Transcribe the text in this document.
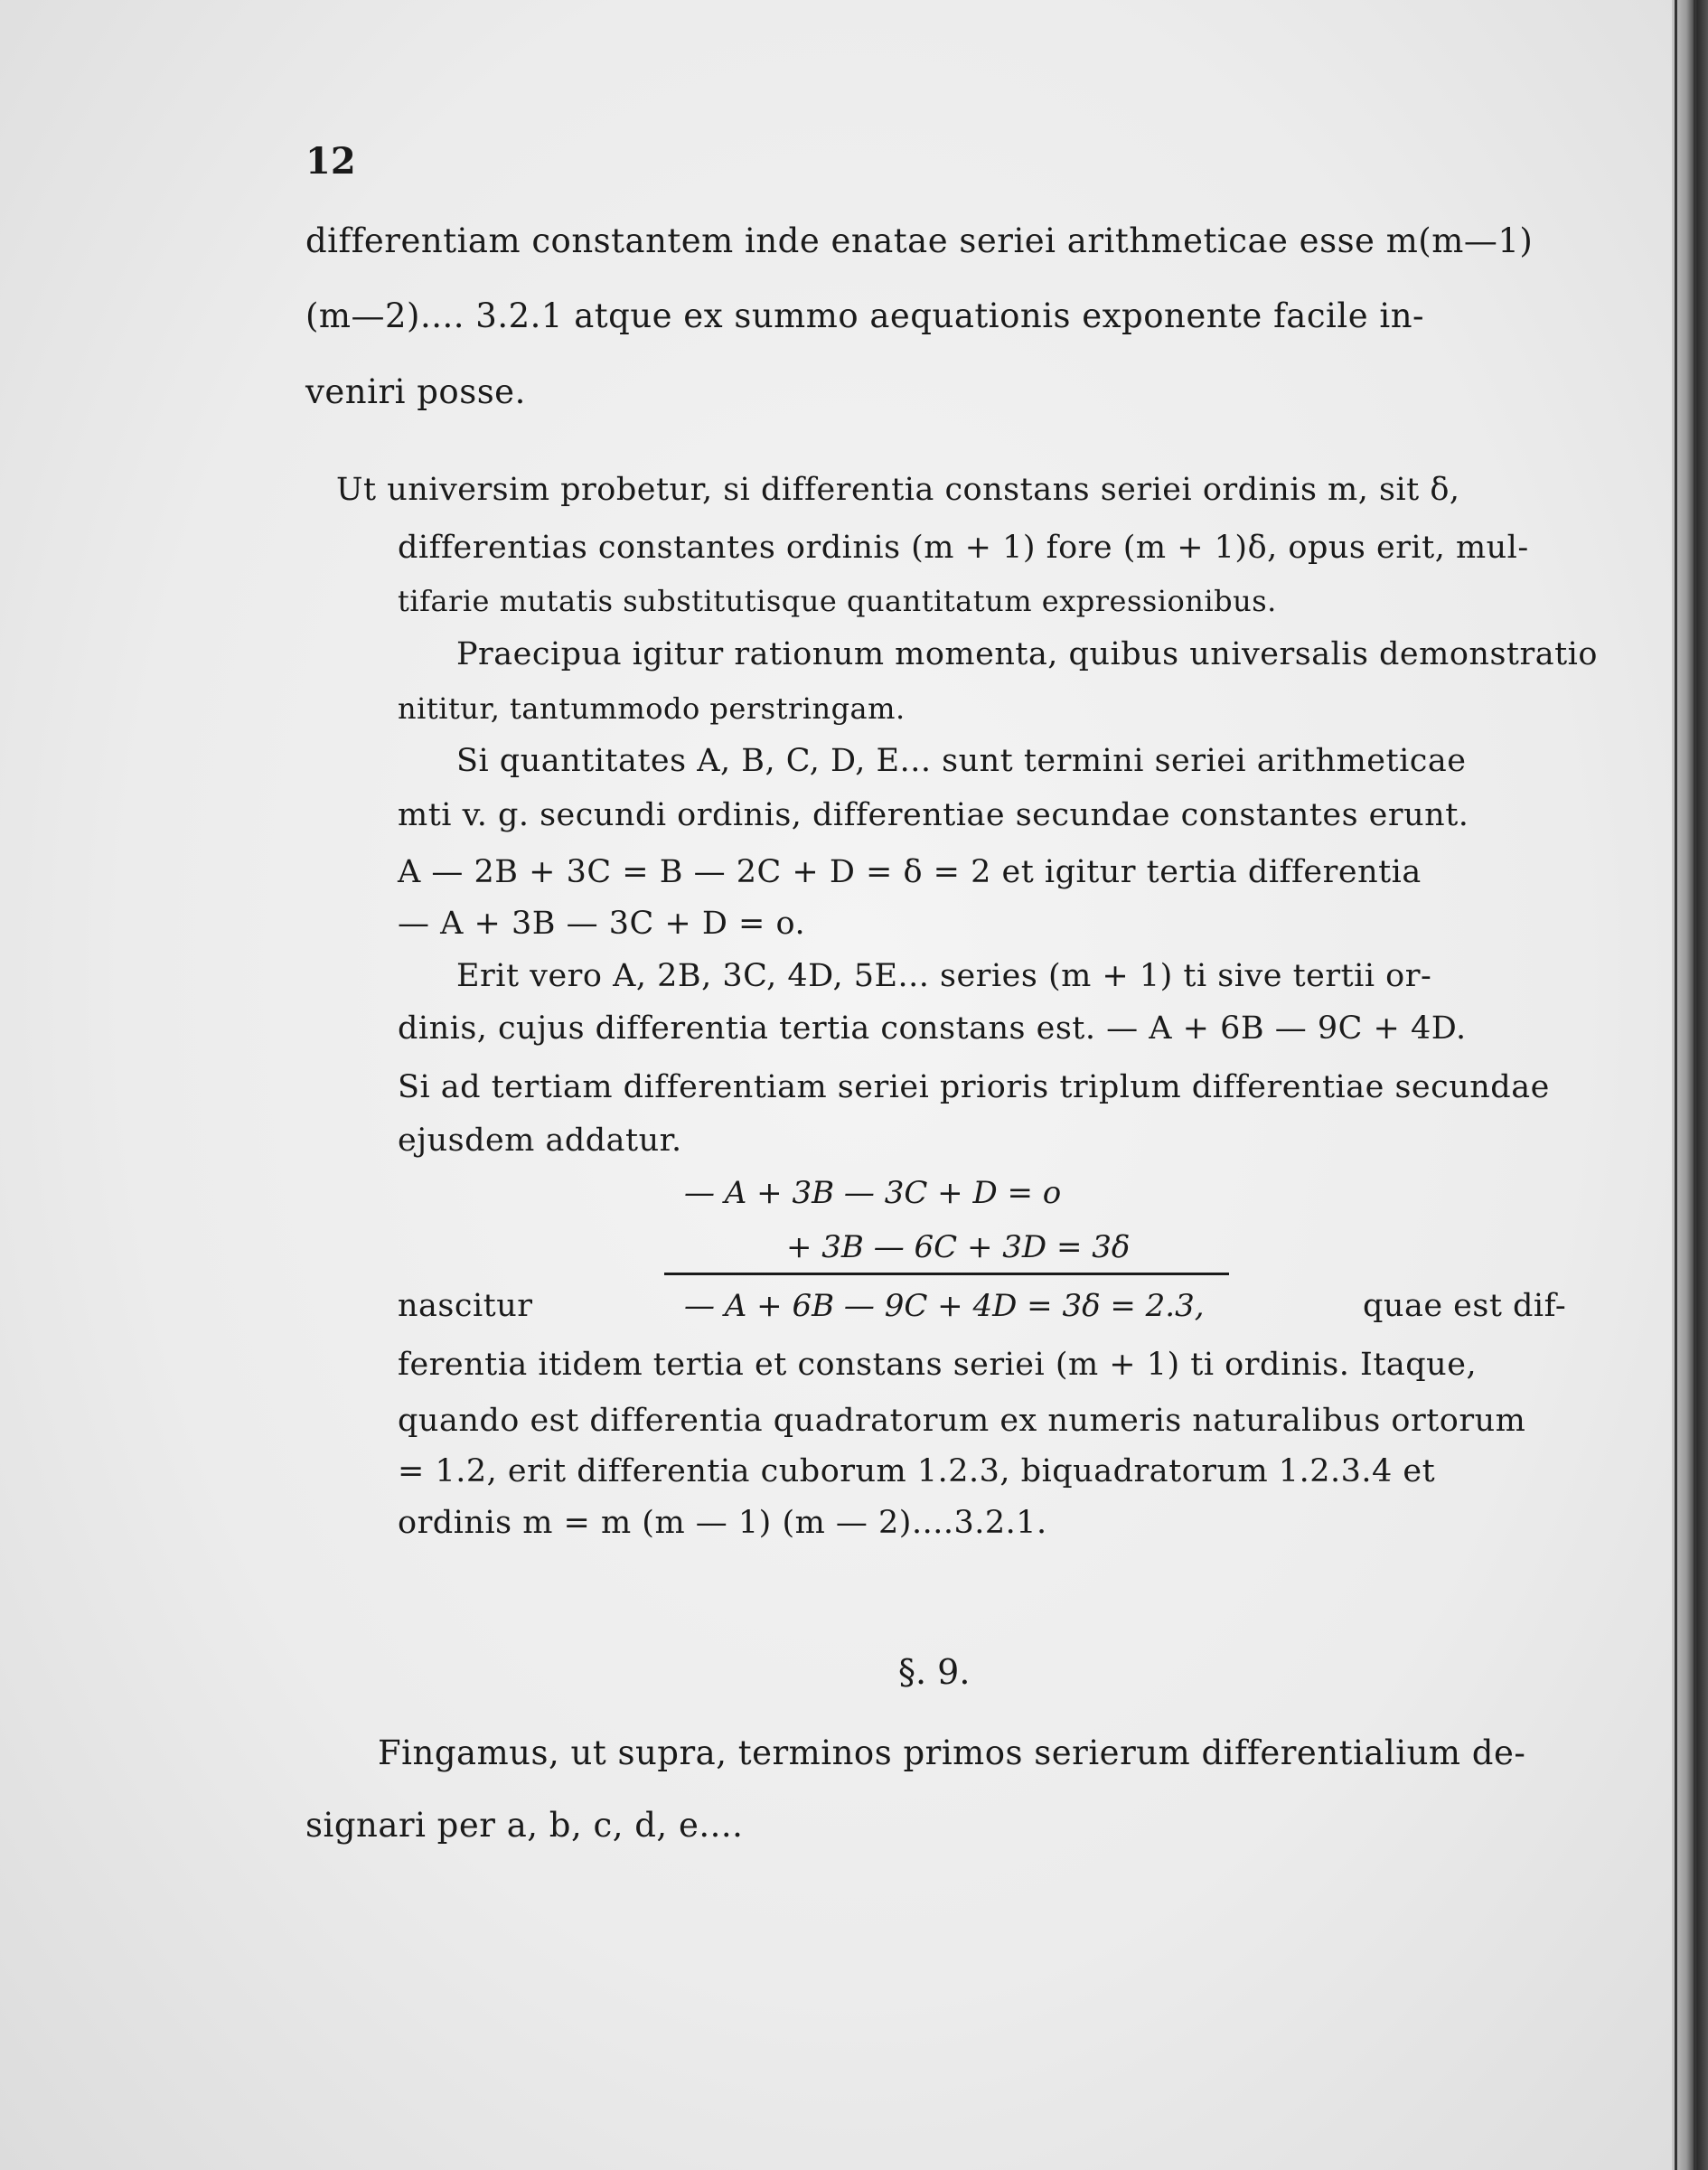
12
differentiam constantem inde enatae seriei arithmeticae esse m(m—1)
(m—2).... 3.2.1 atque ex summo aequationis exponente facile in-
veniri posse.
Ut universim probetur, si differentia constans seriei ordinis m, sit δ,
differentias constantes ordinis (m + 1) fore (m + 1)δ, opus erit, mul-
tifarie mutatis substitutisque quantitatum expressionibus.
Praecipua igitur rationum momenta, quibus universalis demonstratio
nititur, tantummodo perstringam.
Si quantitates A, B, C, D, E... sunt termini seriei arithmeticae
mti v. g. secundi ordinis, differentiae secundae constantes erunt.
A — 2B + 3C = B — 2C + D = δ = 2 et igitur tertia differentia
— A + 3B — 3C + D = o.
Erit vero A, 2B, 3C, 4D, 5E... series (m + 1) ti sive tertii or-
dinis, cujus differentia tertia constans est. — A + 6B — 9C + 4D.
Si ad tertiam differentiam seriei prioris triplum differentiae secundae
ejusdem addatur.
— A + 3B — 3C + D = o
+ 3B — 6C + 3D = 3δ
nascitur	— A + 6B — 9C + 4D = 3δ = 2.3,	quae est dif-
ferentia itidem tertia et constans seriei (m + 1) ti ordinis. Itaque,
quando est differentia quadratorum ex numeris naturalibus ortorum
= 1.2, erit differentia cuborum 1.2.3, biquadratorum 1.2.3.4 et
ordinis m = m (m — 1) (m — 2)....3.2.1.
§. 9.
Fingamus, ut supra, terminos primos serierum differentialium de-
signari per a, b, c, d, e....
